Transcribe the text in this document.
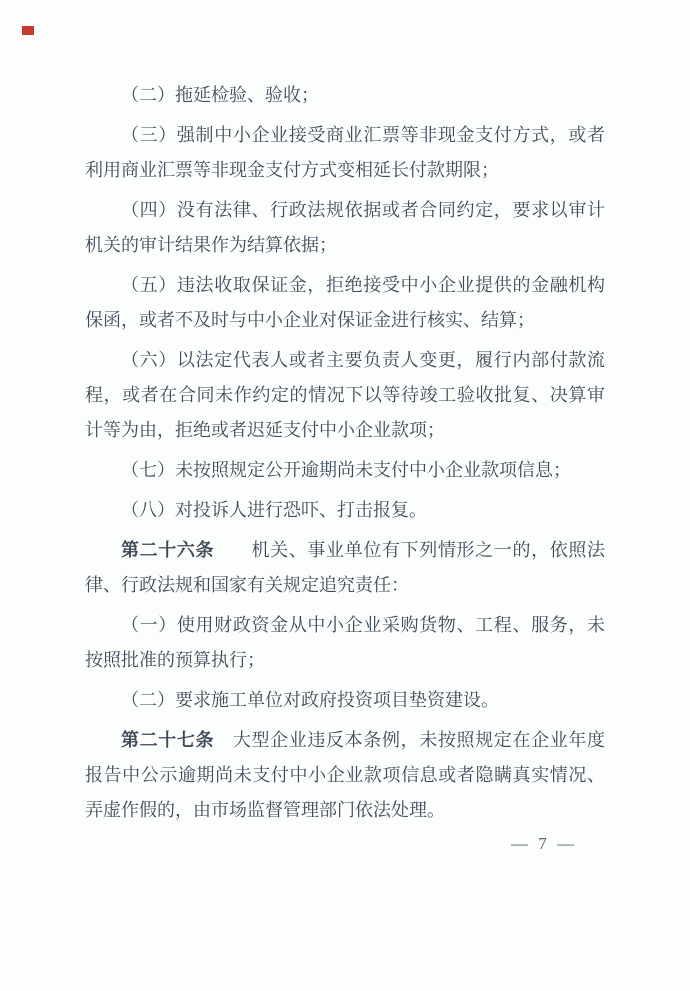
（二）拖延检验、验收；

（三）强制中小企业接受商业汇票等非现金支付方式，或者利用商业汇票等非现金支付方式变相延长付款期限；

（四）没有法律、行政法规依据或者合同约定，要求以审计机关的审计结果作为结算依据；

（五）违法收取保证金，拒绝接受中小企业提供的金融机构保函，或者不及时与中小企业对保证金进行核实、结算；

（六）以法定代表人或者主要负责人变更，履行内部付款流程，或者在合同未作约定的情况下以等待竣工验收批复、决算审计等为由，拒绝或者迟延支付中小企业款项；

（七）未按照规定公开逾期尚未支付中小企业款项信息；

（八）对投诉人进行恐吓、打击报复。

第二十六条　　机关、事业单位有下列情形之一的，依照法律、行政法规和国家有关规定追究责任：

（一）使用财政资金从中小企业采购货物、工程、服务，未按照批准的预算执行；

（二）要求施工单位对政府投资项目垫资建设。

第二十七条　大型企业违反本条例，未按照规定在企业年度报告中公示逾期尚未支付中小企业款项信息或者隐瞒真实情况、弄虚作假的，由市场监督管理部门依法处理。

— 7 —
